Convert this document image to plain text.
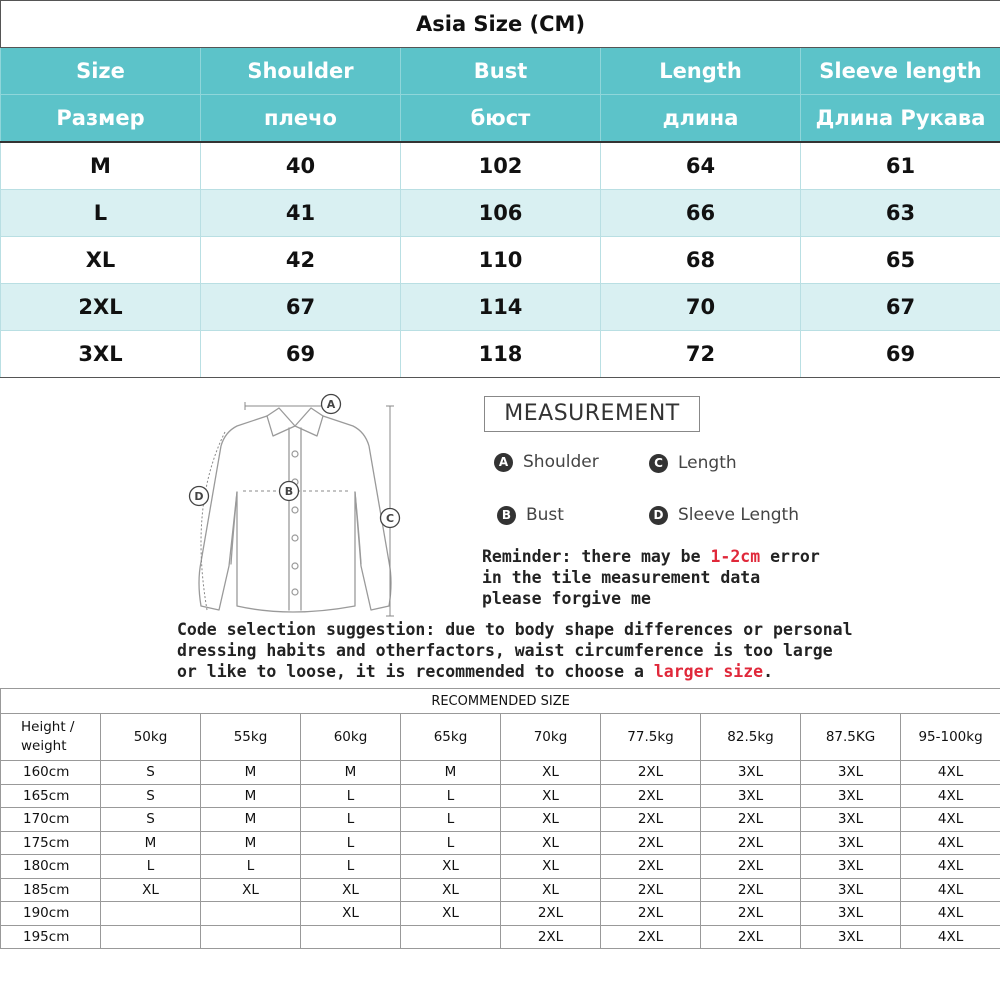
Asia Size (CM)				
Size	Shoulder	Bust	Length	Sleeve length
Размер	плечо	бюст	длина	Длина Рукава
M	40	102	64	61
L	41	106	66	63
XL	42	110	68	65
2XL	67	114	70	67
3XL	69	118	72	69
A
B
C
D
MEASUREMENT
A Shoulder	C Length
B Bust	D Sleeve Length

Reminder: there may be 1-2cm error

in the tile measurement data

please forgive me

Code selection suggestion: due to body shape differences or personal

dressing habits and otherfactors, waist circumference is too large

or like to loose, it is recommended to choose a larger size.

RECOMMENDED SIZE									
Height /
weight	50kg	55kg	60kg	65kg	70kg	77.5kg	82.5kg	87.5KG	95-100kg
160cm	S	M	M	M	XL	2XL	3XL	3XL	4XL
165cm	S	M	L	L	XL	2XL	3XL	3XL	4XL
170cm	S	M	L	L	XL	2XL	2XL	3XL	4XL
175cm	M	M	L	L	XL	2XL	2XL	3XL	4XL
180cm	L	L	L	XL	XL	2XL	2XL	3XL	4XL
185cm	XL	XL	XL	XL	XL	2XL	2XL	3XL	4XL
190cm			XL	XL	2XL	2XL	2XL	3XL	4XL
195cm					2XL	2XL	2XL	3XL	4XL
